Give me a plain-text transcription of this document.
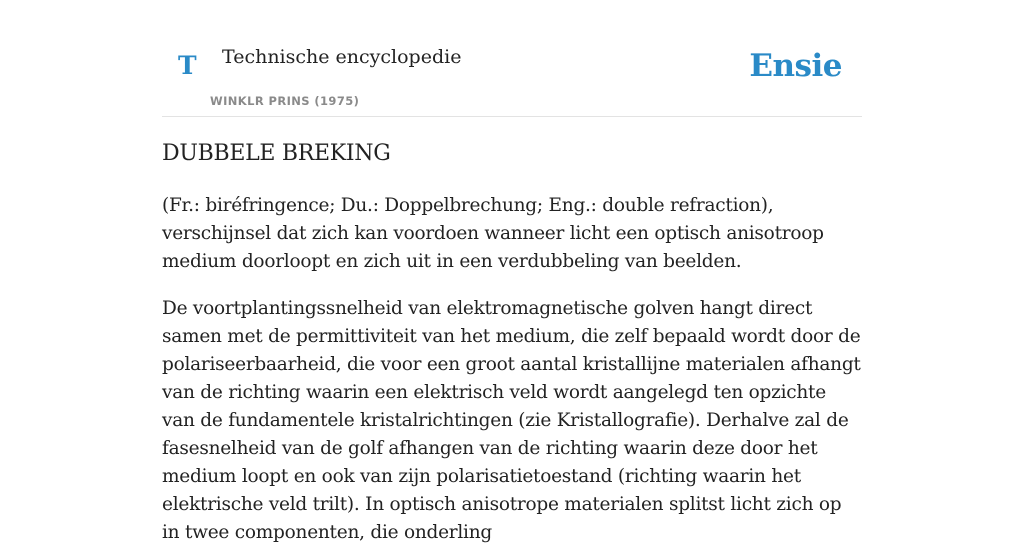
T Technische encyclopedie
WINKLR PRINS (1975)
Ensie
DUBBELE BREKING

(Fr.: biréfringence; Du.: Doppelbrechung; Eng.: double refraction), verschijnsel dat zich kan voordoen wanneer licht een optisch anisotroop medium doorloopt en zich uit in een verdubbeling van beelden.

De voortplantingssnelheid van elektromagnetische golven hangt direct samen met de permittiviteit van het medium, die zelf bepaald wordt door de polariseerbaarheid, die voor een groot aantal kristallijne materialen afhangt van de richting waarin een elektrisch veld wordt aangelegd ten opzichte van de fundamentele kristalrichtingen (zie Kristallografie). Derhalve zal de fasesnelheid van de golf afhangen van de richting waarin deze door het medium loopt en ook van zijn polarisatietoestand (richting waarin het elektrische veld trilt). In optisch anisotrope materialen splitst licht zich op in twee componenten, die onderling
